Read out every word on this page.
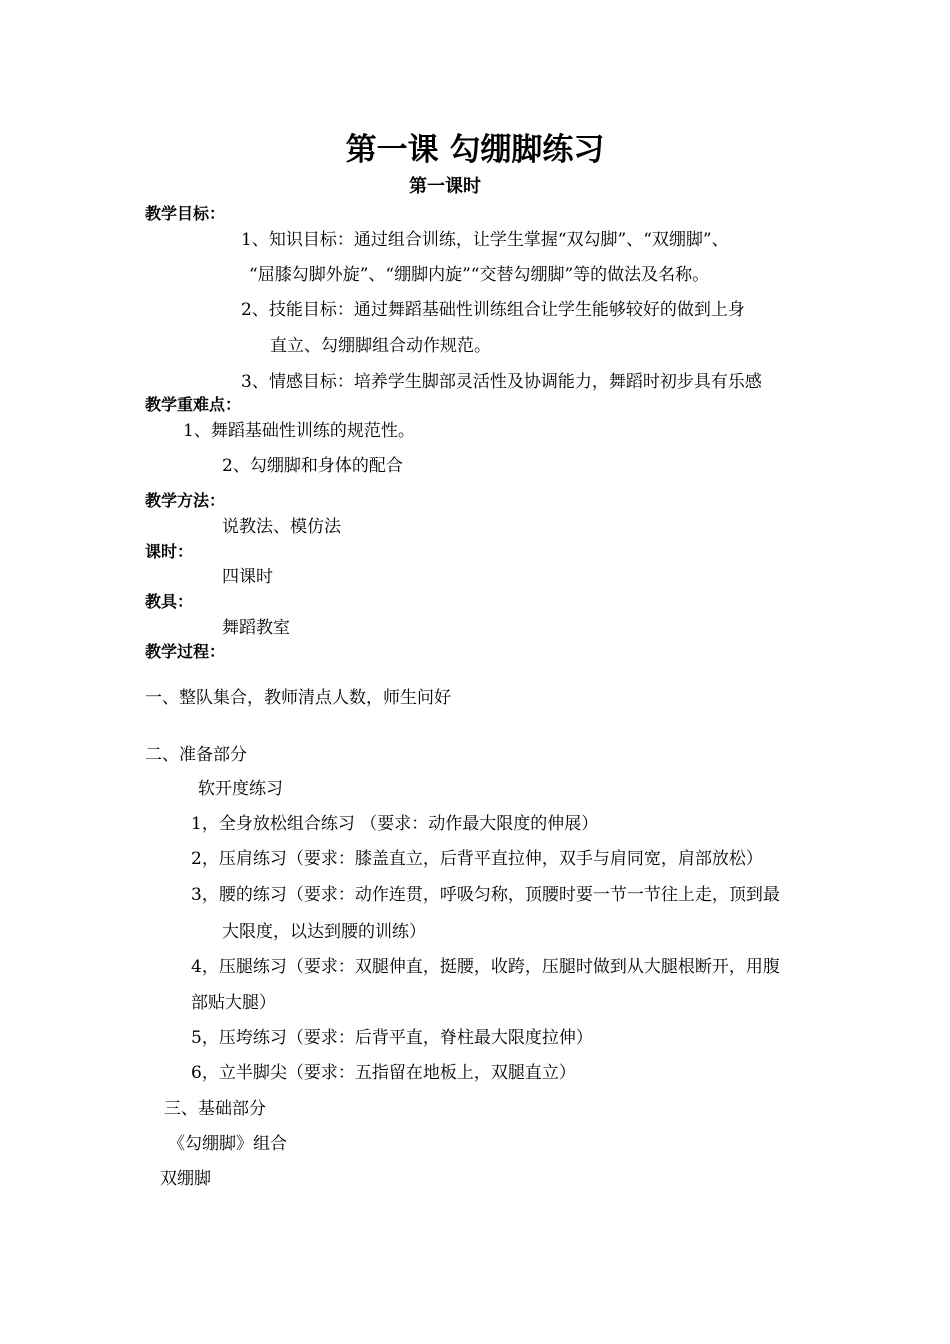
第一课 勾绷脚练习
第一课时
教学目标：
1、知识目标：通过组合训练，让学生掌握“双勾脚”、“双绷脚”、
“屈膝勾脚外旋”、“绷脚内旋”“交替勾绷脚”等的做法及名称。
2、技能目标：通过舞蹈基础性训练组合让学生能够较好的做到上身
直立、勾绷脚组合动作规范。
3、情感目标：培养学生脚部灵活性及协调能力，舞蹈时初步具有乐感
教学重难点：
1、舞蹈基础性训练的规范性。
2、勾绷脚和身体的配合
教学方法：
说教法、模仿法
课时：
四课时
教具：
舞蹈教室
教学过程：
一、整队集合，教师清点人数，师生问好
二、准备部分
软开度练习
1，全身放松组合练习 （要求：动作最大限度的伸展）
2，压肩练习（要求：膝盖直立，后背平直拉伸，双手与肩同宽，肩部放松）
3，腰的练习（要求：动作连贯，呼吸匀称，顶腰时要一节一节往上走，顶到最
大限度，以达到腰的训练）
4，压腿练习（要求：双腿伸直，挺腰，收跨，压腿时做到从大腿根断开，用腹
部贴大腿）
5，压垮练习（要求：后背平直，脊柱最大限度拉伸）
6，立半脚尖（要求：五指留在地板上，双腿直立）
三、基础部分
《勾绷脚》组合
双绷脚
